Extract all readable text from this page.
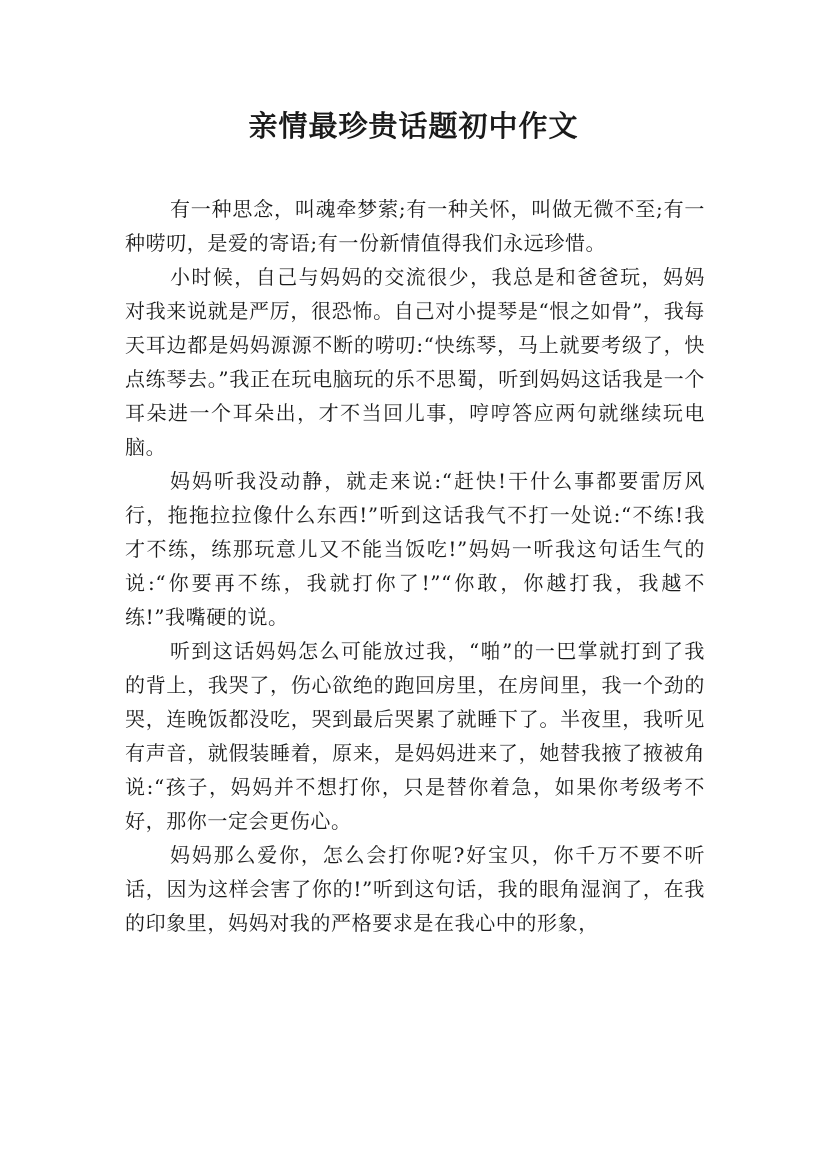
亲情最珍贵话题初中作文

有一种思念，叫魂牵梦萦;有一种关怀，叫做无微不至;有一种唠叨，是爱的寄语;有一份新情值得我们永远珍惜。

小时候，自己与妈妈的交流很少，我总是和爸爸玩，妈妈对我来说就是严厉，很恐怖。自己对小提琴是“恨之如骨”，我每天耳边都是妈妈源源不断的唠叨:“快练琴，马上就要考级了，快点练琴去。”我正在玩电脑玩的乐不思蜀，听到妈妈这话我是一个耳朵进一个耳朵出，才不当回儿事，哼哼答应两句就继续玩电脑。

妈妈听我没动静，就走来说:“赶快!干什么事都要雷厉风行，拖拖拉拉像什么东西!”听到这话我气不打一处说:“不练!我才不练，练那玩意儿又不能当饭吃!”妈妈一听我这句话生气的说:“你要再不练，我就打你了!”“你敢，你越打我，我越不练!”我嘴硬的说。

听到这话妈妈怎么可能放过我，“啪”的一巴掌就打到了我的背上，我哭了，伤心欲绝的跑回房里，在房间里，我一个劲的哭，连晚饭都没吃，哭到最后哭累了就睡下了。半夜里，我听见有声音，就假装睡着，原来，是妈妈进来了，她替我掖了掖被角说:“孩子，妈妈并不想打你，只是替你着急，如果你考级考不好，那你一定会更伤心。

妈妈那么爱你，怎么会打你呢?好宝贝，你千万不要不听话，因为这样会害了你的!”听到这句话，我的眼角湿润了，在我的印象里，妈妈对我的严格要求是在我心中的形象，
